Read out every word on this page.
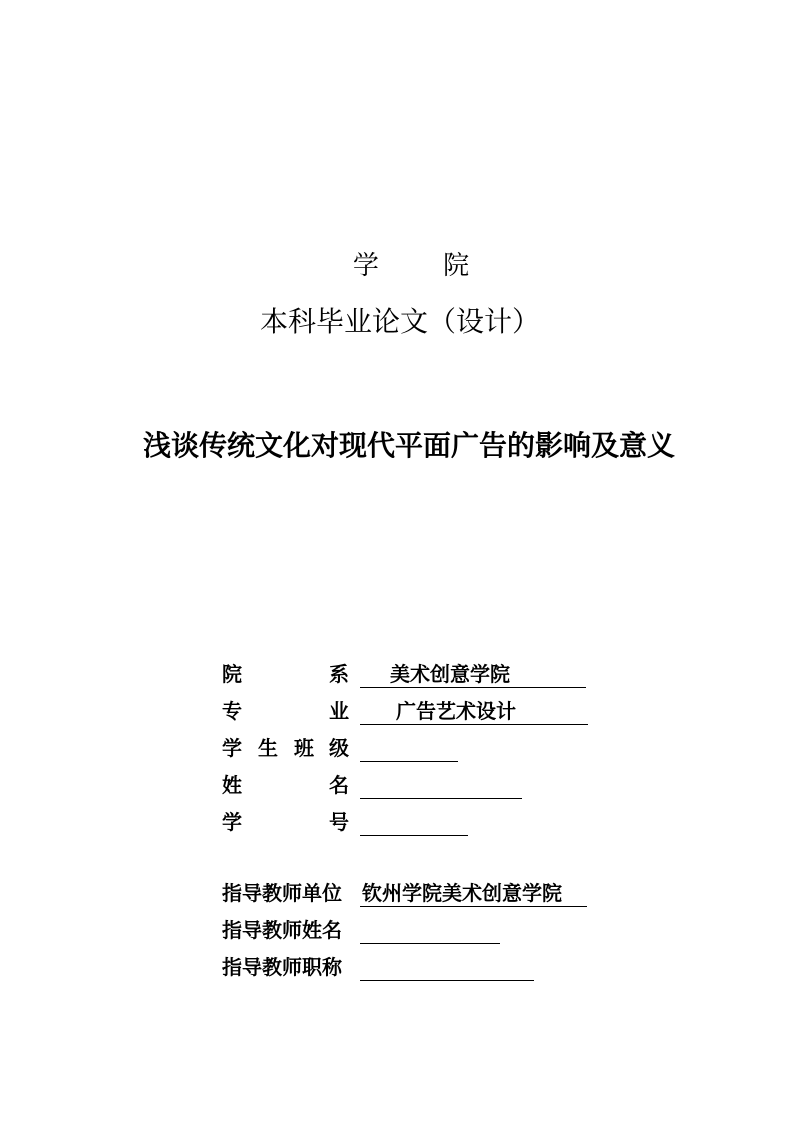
学 院
本科毕业论文（设计）
浅谈传统文化对现代平面广告的影响及意义
院	系 美术创意学院
专	业 广告艺术设计
学 生 班 级
姓	名
学	号
指导教师单位 钦州学院美术创意学院
指导教师姓名
指导教师职称
